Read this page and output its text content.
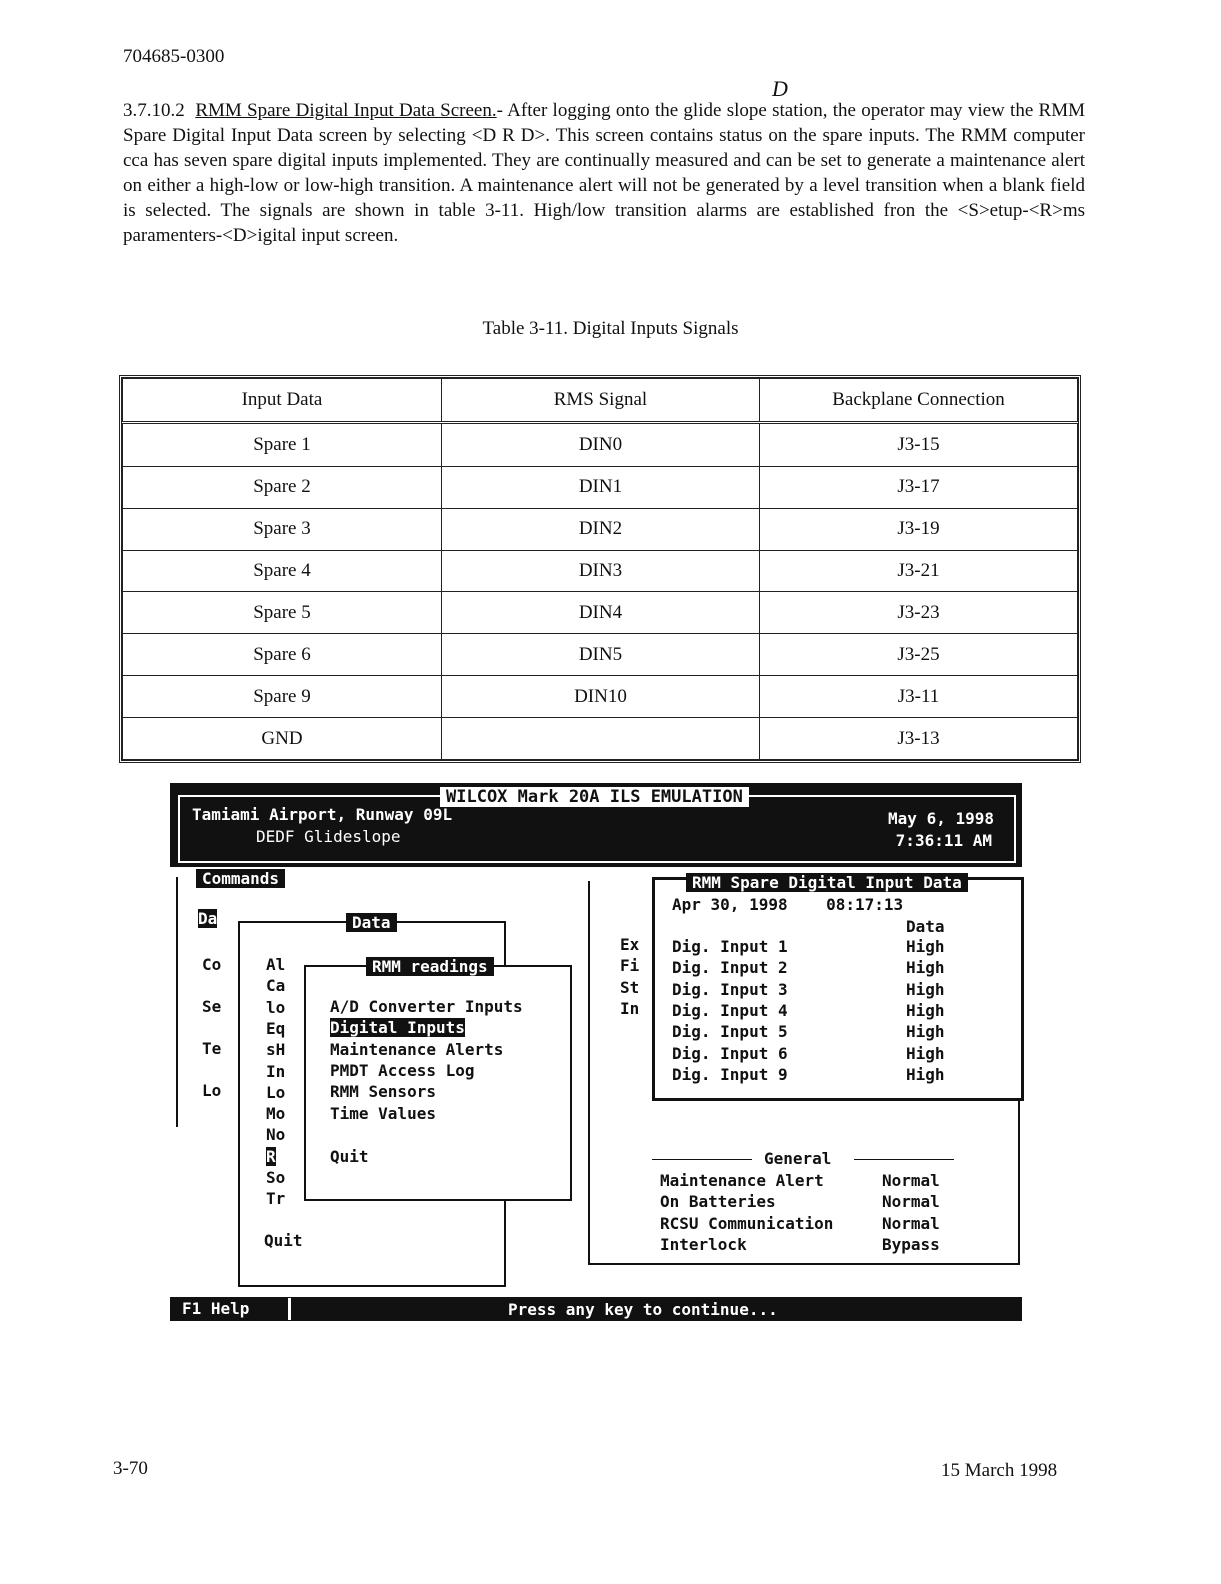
704685-0300
D
3.7.10.2 RMM Spare Digital Input Data Screen.- After logging onto the glide slope station, the operator may view the RMM Spare Digital Input Data screen by selecting <D R D>. This screen contains status on the spare inputs. The RMM computer cca has seven spare digital inputs implemented. They are continually measured and can be set to generate a maintenance alert on either a high-low or low-high transition. A maintenance alert will not be generated by a level transition when a blank field is selected. The signals are shown in table 3-11. High/low transition alarms are established fron the <S>etup-<R>ms paramenters-<D>igital input screen.
Table 3-11. Digital Inputs Signals
Input Data	RMS Signal	Backplane Connection
Spare 1	DIN0	J3-15
Spare 2	DIN1	J3-17
Spare 3	DIN2	J3-19
Spare 4	DIN3	J3-21
Spare 5	DIN4	J3-23
Spare 6	DIN5	J3-25
Spare 9	DIN10	J3-11
GND		J3-13
WILCOX Mark 20A ILS EMULATION
Tamiami Airport, Runway 09L
DEDF Glideslope
May 6, 1998
7:36:11 AM
Commands
Da
Co
Se
Te
Lo
Data
Al
Ca
lo
Eq
sH
In
Lo
Mo
No
R
So
Tr
Quit
RMM readings
A/D Converter Inputs
Digital Inputs
Maintenance Alerts
PMDT Access Log
RMM Sensors
Time Values
Quit
Ex
Fi
St
In
RMM Spare Digital Input Data
Apr 30, 1998    08:17:13
Data
Dig. Input 1	High
Dig. Input 2	High
Dig. Input 3	High
Dig. Input 4	High
Dig. Input 5	High
Dig. Input 6	High
Dig. Input 9	High
General
Maintenance Alert	Normal
On Batteries	Normal
RCSU Communication	Normal
Interlock	Bypass
F1 Help	Press any key to continue...
3-70	15 March 1998
